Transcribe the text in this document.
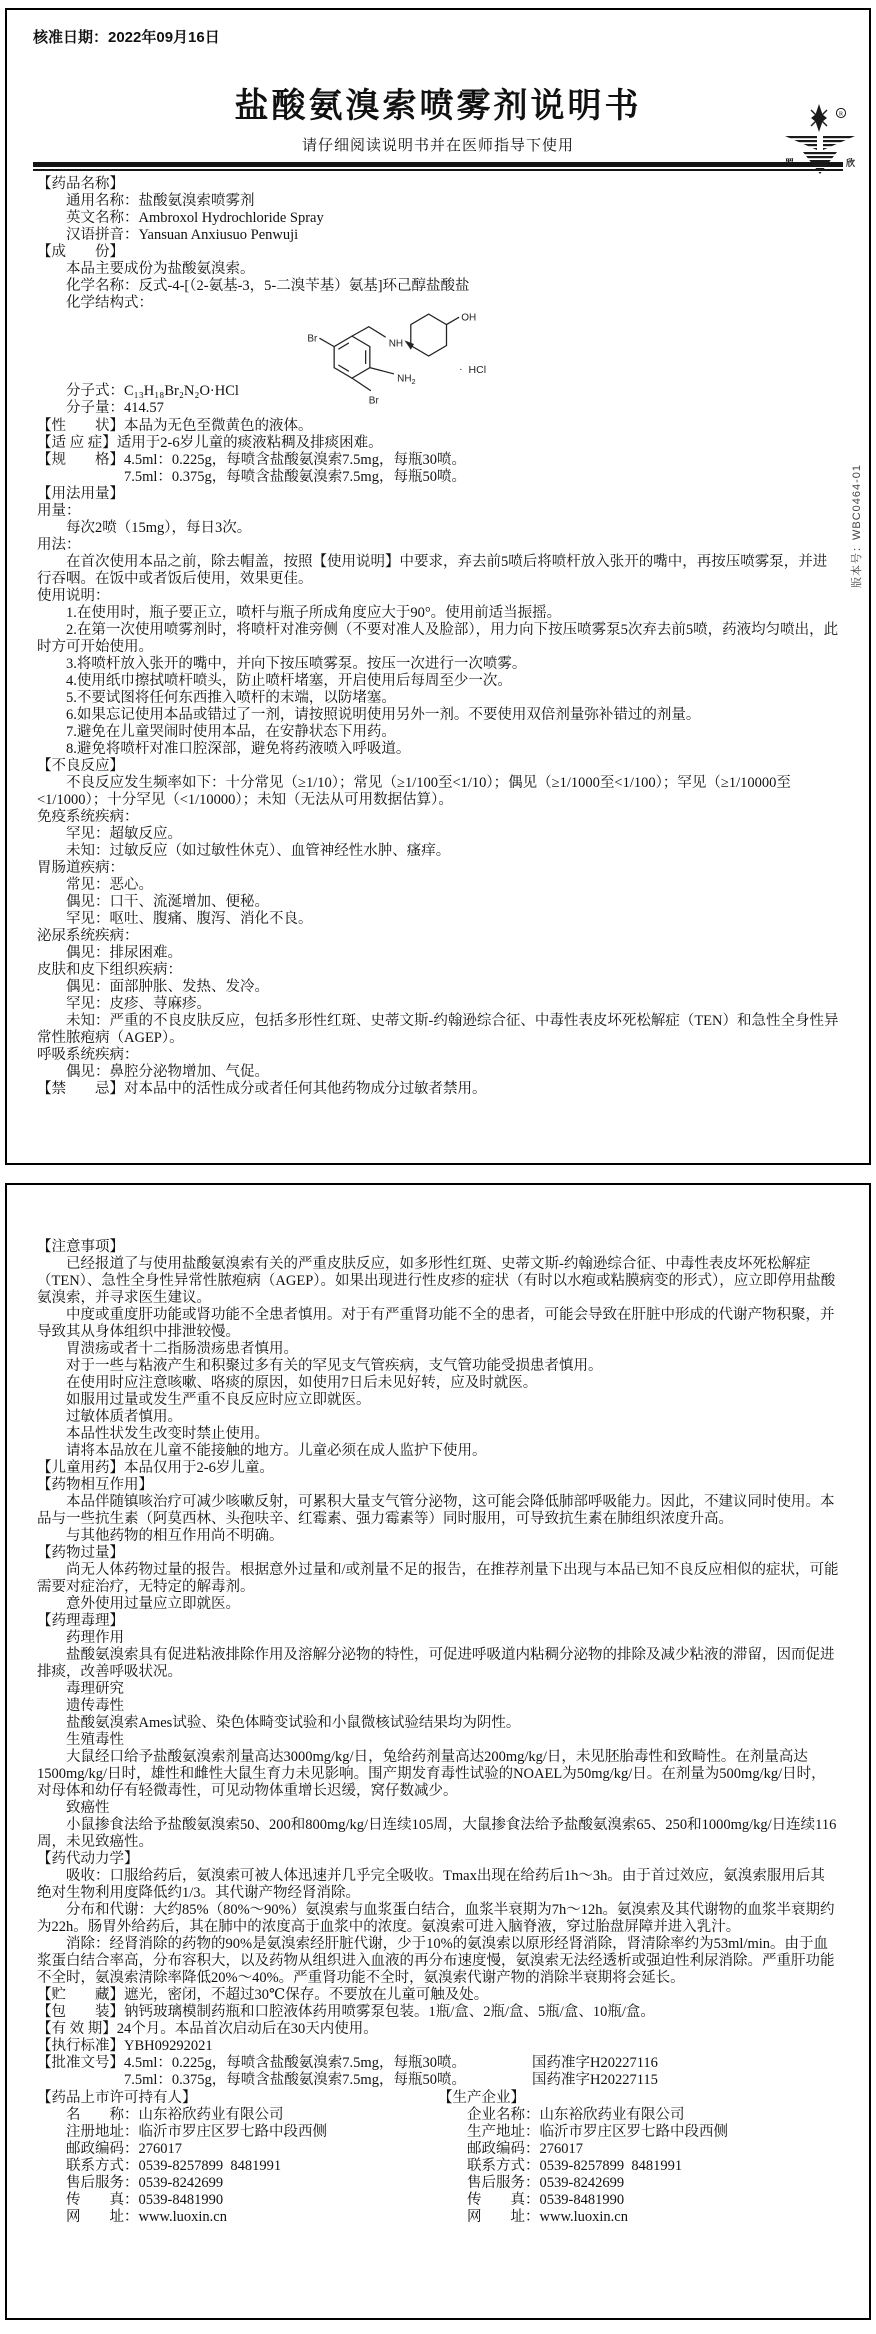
核准日期：2022年09月16日
R
罗	欣
盐酸氨溴索喷雾剂说明书
请仔细阅读说明书并在医师指导下使用
【药品名称】
通用名称：盐酸氨溴索喷雾剂
英文名称：Ambroxol Hydrochloride Spray
汉语拼音：Yansuan Anxiusuo Penwuji
【成　　份】
本品主要成份为盐酸氨溴索。
化学名称：反式-4-[（2-氨基-3，5-二溴苄基）氨基]环己醇盐酸盐
化学结构式：
分子式：C₁₃H₁₈Br₂N₂O·HCl
分子量：414.57
Br
Br
NH
$NH_2$
OH
· HCl
【性　　状】本品为无色至微黄色的液体。
【适 应 症】适用于2-6岁儿童的痰液粘稠及排痰困难。
【规　　格】4.5ml：0.225g，每喷含盐酸氨溴索7.5mg，每瓶30喷。
7.5ml：0.375g，每喷含盐酸氨溴索7.5mg，每瓶50喷。
【用法用量】
用量：
每次2喷（15mg），每日3次。
用法：
在首次使用本品之前，除去帽盖，按照【使用说明】中要求，弃去前5喷后将喷杆放入张开的嘴中，再按压喷雾泵，并进行吞咽。在饭中或者饭后使用，效果更佳。
使用说明：
1.在使用时，瓶子要正立，喷杆与瓶子所成角度应大于90°。使用前适当振摇。
2.在第一次使用喷雾剂时，将喷杆对准旁侧（不要对准人及脸部），用力向下按压喷雾泵5次弃去前5喷，药液均匀喷出，此时方可开始使用。
3.将喷杆放入张开的嘴中，并向下按压喷雾泵。按压一次进行一次喷雾。
4.使用纸巾擦拭喷杆喷头，防止喷杆堵塞，开启使用后每周至少一次。
5.不要试图将任何东西推入喷杆的末端，以防堵塞。
6.如果忘记使用本品或错过了一剂，请按照说明使用另外一剂。不要使用双倍剂量弥补错过的剂量。
7.避免在儿童哭闹时使用本品，在安静状态下用药。
8.避免将喷杆对准口腔深部，避免将药液喷入呼吸道。
【不良反应】
不良反应发生频率如下：十分常见（≥1/10）；常见（≥1/100至<1/10）；偶见（≥1/1000至<1/100）；罕见（≥1/10000至<1/1000）；十分罕见（<1/10000）；未知（无法从可用数据估算）。
免疫系统疾病：
罕见：超敏反应。
未知：过敏反应（如过敏性休克）、血管神经性水肿、瘙痒。
胃肠道疾病：
常见：恶心。
偶见：口干、流涎增加、便秘。
罕见：呕吐、腹痛、腹泻、消化不良。
泌尿系统疾病：
偶见：排尿困难。
皮肤和皮下组织疾病：
偶见：面部肿胀、发热、发冷。
罕见：皮疹、荨麻疹。
未知：严重的不良皮肤反应，包括多形性红斑、史蒂文斯-约翰逊综合征、中毒性表皮坏死松解症（TEN）和急性全身性异常性脓疱病（AGEP）。
呼吸系统疾病：
偶见：鼻腔分泌物增加、气促。
【禁　　忌】对本品中的活性成分或者任何其他药物成分过敏者禁用。
版本号：WBC0464-01
【注意事项】
已经报道了与使用盐酸氨溴索有关的严重皮肤反应，如多形性红斑、史蒂文斯-约翰逊综合征、中毒性表皮坏死松解症（TEN）、急性全身性异常性脓疱病（AGEP）。如果出现进行性皮疹的症状（有时以水疱或粘膜病变的形式），应立即停用盐酸氨溴索，并寻求医生建议。
中度或重度肝功能或肾功能不全患者慎用。对于有严重肾功能不全的患者，可能会导致在肝脏中形成的代谢产物积聚，并导致其从身体组织中排泄较慢。
胃溃疡或者十二指肠溃疡患者慎用。
对于一些与粘液产生和积聚过多有关的罕见支气管疾病，支气管功能受损患者慎用。
在使用时应注意咳嗽、咯痰的原因，如使用7日后未见好转，应及时就医。
如服用过量或发生严重不良反应时应立即就医。
过敏体质者慎用。
本品性状发生改变时禁止使用。
请将本品放在儿童不能接触的地方。儿童必须在成人监护下使用。
【儿童用药】本品仅用于2-6岁儿童。
【药物相互作用】
本品伴随镇咳治疗可减少咳嗽反射，可累积大量支气管分泌物，这可能会降低肺部呼吸能力。因此，不建议同时使用。本品与一些抗生素（阿莫西林、头孢呋辛、红霉素、强力霉素等）同时服用，可导致抗生素在肺组织浓度升高。
与其他药物的相互作用尚不明确。
【药物过量】
尚无人体药物过量的报告。根据意外过量和/或剂量不足的报告，在推荐剂量下出现与本品已知不良反应相似的症状，可能需要对症治疗，无特定的解毒剂。
意外使用过量应立即就医。
【药理毒理】
药理作用
盐酸氨溴索具有促进粘液排除作用及溶解分泌物的特性，可促进呼吸道内粘稠分泌物的排除及减少粘液的滞留，因而促进排痰，改善呼吸状况。
毒理研究
遗传毒性
盐酸氨溴索Ames试验、染色体畸变试验和小鼠微核试验结果均为阴性。
生殖毒性
大鼠经口给予盐酸氨溴索剂量高达3000mg/kg/日，兔给药剂量高达200mg/kg/日，未见胚胎毒性和致畸性。在剂量高达1500mg/kg/日时，雄性和雌性大鼠生育力未见影响。围产期发育毒性试验的NOAEL为50mg/kg/日。在剂量为500mg/kg/日时，对母体和幼仔有轻微毒性，可见动物体重增长迟缓，窝仔数减少。
致癌性
小鼠掺食法给予盐酸氨溴索50、200和800mg/kg/日连续105周，大鼠掺食法给予盐酸氨溴索65、250和1000mg/kg/日连续116周，未见致癌性。
【药代动力学】
吸收：口服给药后，氨溴索可被人体迅速并几乎完全吸收。Tmax出现在给药后1h～3h。由于首过效应，氨溴索服用后其绝对生物利用度降低约1/3。其代谢产物经肾消除。
分布和代谢：大约85%（80%～90%）氨溴索与血浆蛋白结合，血浆半衰期为7h～12h。氨溴索及其代谢物的血浆半衰期约为22h。肠胃外给药后，其在肺中的浓度高于血浆中的浓度。氨溴索可进入脑脊液，穿过胎盘屏障并进入乳汁。
消除：经肾消除的药物的90%是氨溴索经肝脏代谢，少于10%的氨溴索以原形经肾消除，肾清除率约为53ml/min。由于血浆蛋白结合率高，分布容积大，以及药物从组织进入血液的再分布速度慢，氨溴索无法经透析或强迫性利尿消除。严重肝功能不全时，氨溴索清除率降低20%～40%。严重肾功能不全时，氨溴索代谢产物的消除半衰期将会延长。
【贮　　藏】遮光，密闭，不超过30℃保存。不要放在儿童可触及处。
【包　　装】钠钙玻璃模制药瓶和口腔液体药用喷雾泵包装。1瓶/盒、2瓶/盒、5瓶/盒、10瓶/盒。
【有 效 期】24个月。本品首次启动后在30天内使用。
【执行标准】YBH09292021
【批准文号】4.5ml：0.225g，每喷含盐酸氨溴索7.5mg，每瓶30喷。	国药准字H20227116
7.5ml：0.375g，每喷含盐酸氨溴索7.5mg，每瓶50喷。	国药准字H20227115
【药品上市许可持有人】
名　　称：山东裕欣药业有限公司
注册地址：临沂市罗庄区罗七路中段西侧
邮政编码：276017
联系方式：0539-8257899  8481991
售后服务：0539-8242699
传　　真：0539-8481990
网　　址：www.luoxin.cn
【生产企业】
企业名称：山东裕欣药业有限公司
生产地址：临沂市罗庄区罗七路中段西侧
邮政编码：276017
联系方式：0539-8257899  8481991
售后服务：0539-8242699
传　　真：0539-8481990
网　　址：www.luoxin.cn
